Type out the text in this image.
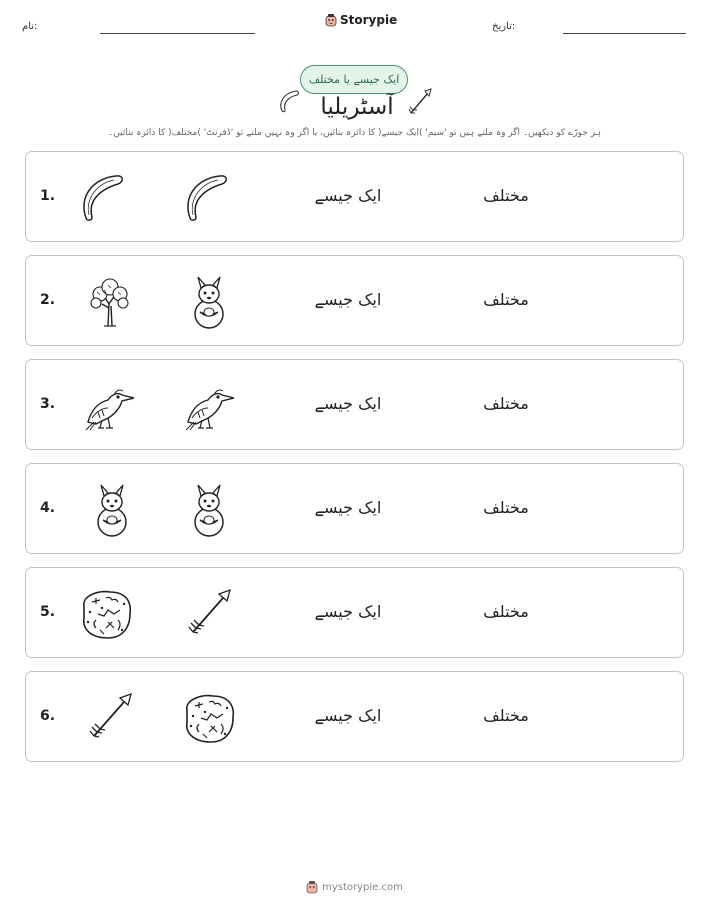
نام:	Storypie	تاریخ:
ایک جیسے یا مختلف
آسٹریلیا
ہر جوڑے کو دیکھیں۔ اگر وہ ملتے ہیں تو 'سیم' )ایک جیسے( کا دائرہ بنائیں، یا اگر وہ نہیں ملتے تو 'ڈفرنٹ' )مختلف( کا دائرہ بنائیں۔
1.	ایک جیسے	مختلف
2.	ایک جیسے	مختلف
3.	ایک جیسے	مختلف
4.	ایک جیسے	مختلف
5.	ایک جیسے	مختلف
6.	ایک جیسے	مختلف
mystorypie.com
